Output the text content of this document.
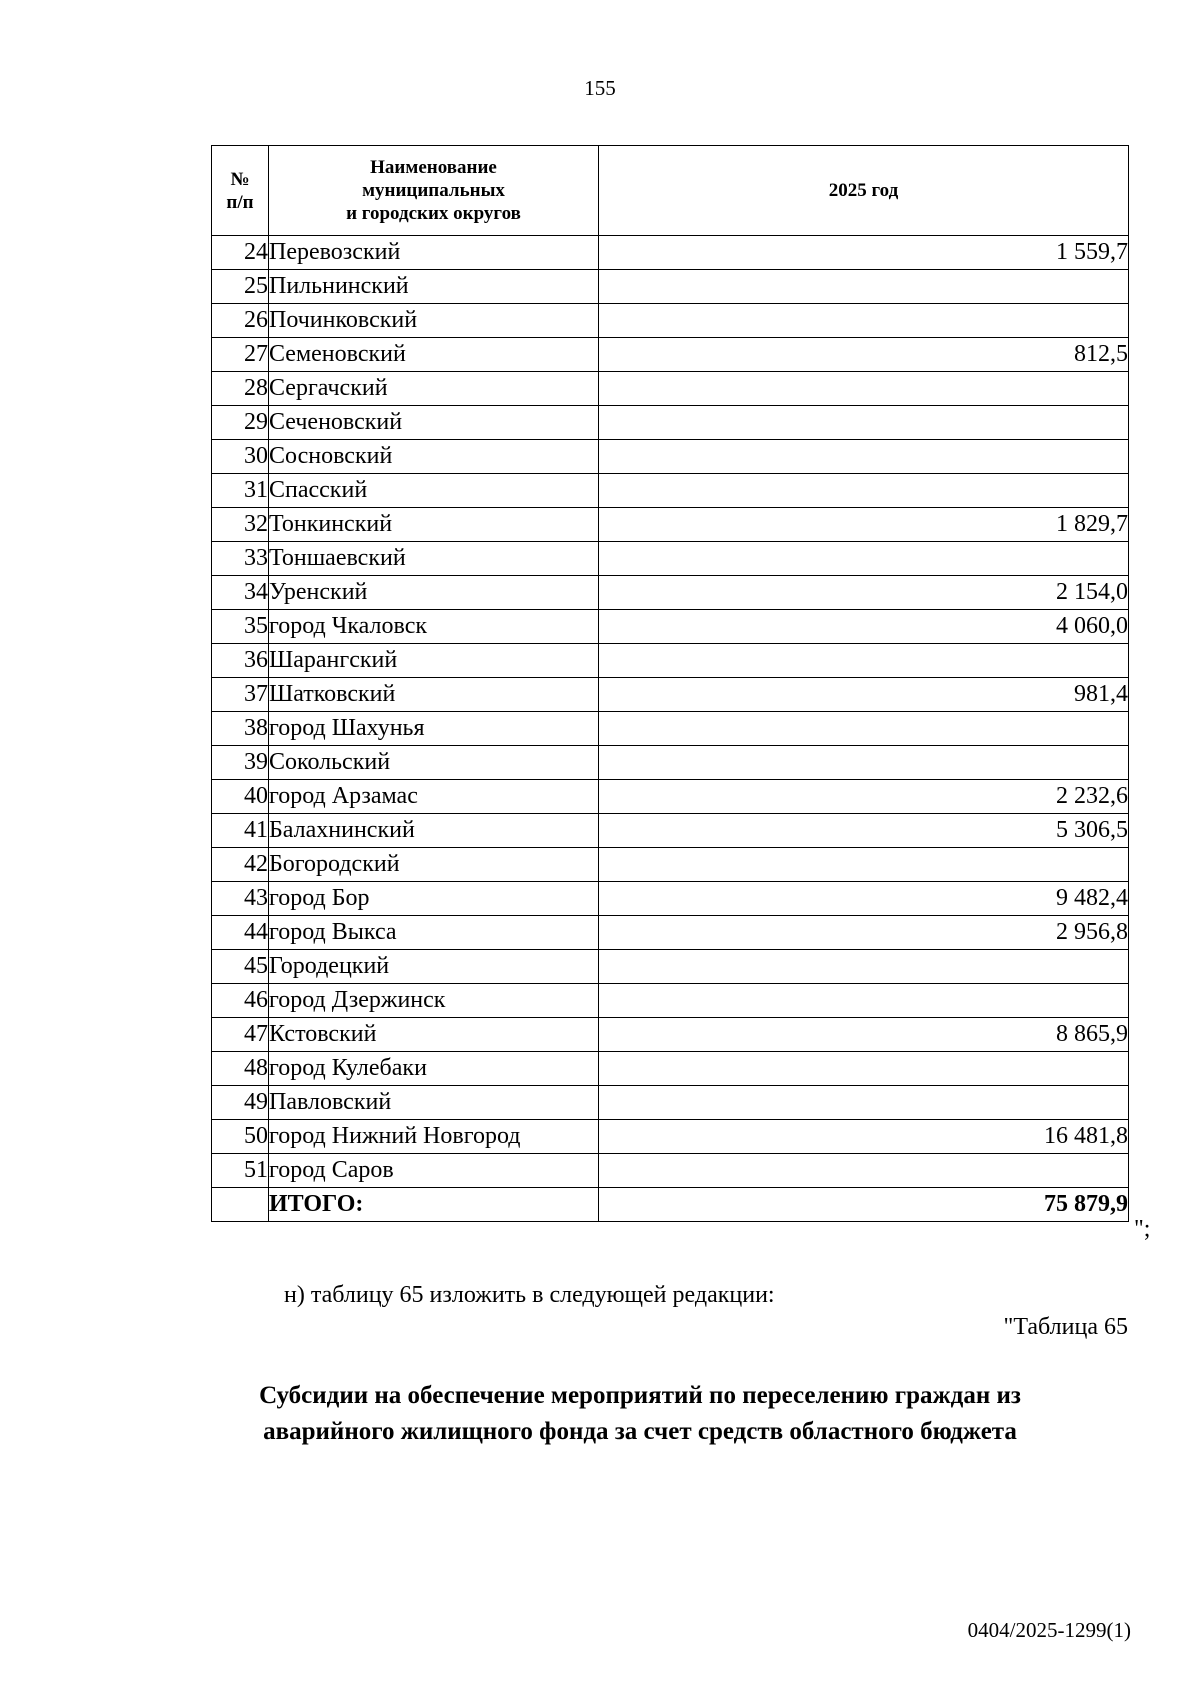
155
№
п/п	Наименование
муниципальных
и городских округов	2025 год
24	Перевозский	1 559,7
25	Пильнинский	
26	Починковский	
27	Семеновский	812,5
28	Сергачский	
29	Сеченовский	
30	Сосновский	
31	Спасский	
32	Тонкинский	1 829,7
33	Тоншаевский	
34	Уренский	2 154,0
35	город Чкаловск	4 060,0
36	Шарангский	
37	Шатковский	981,4
38	город Шахунья	
39	Сокольский	
40	город Арзамас	2 232,6
41	Балахнинский	5 306,5
42	Богородский	
43	город Бор	9 482,4
44	город Выкса	2 956,8
45	Городецкий	
46	город Дзержинск	
47	Кстовский	8 865,9
48	город Кулебаки	
49	Павловский	
50	город Нижний Новгород	16 481,8
51	город Саров	
	ИТОГО:	75 879,9
";
н) таблицу 65 изложить в следующей редакции:
"Таблица 65
Субсидии на обеспечение мероприятий по переселению граждан из
аварийного жилищного фонда за счет средств областного бюджета
0404/2025-1299(1)
